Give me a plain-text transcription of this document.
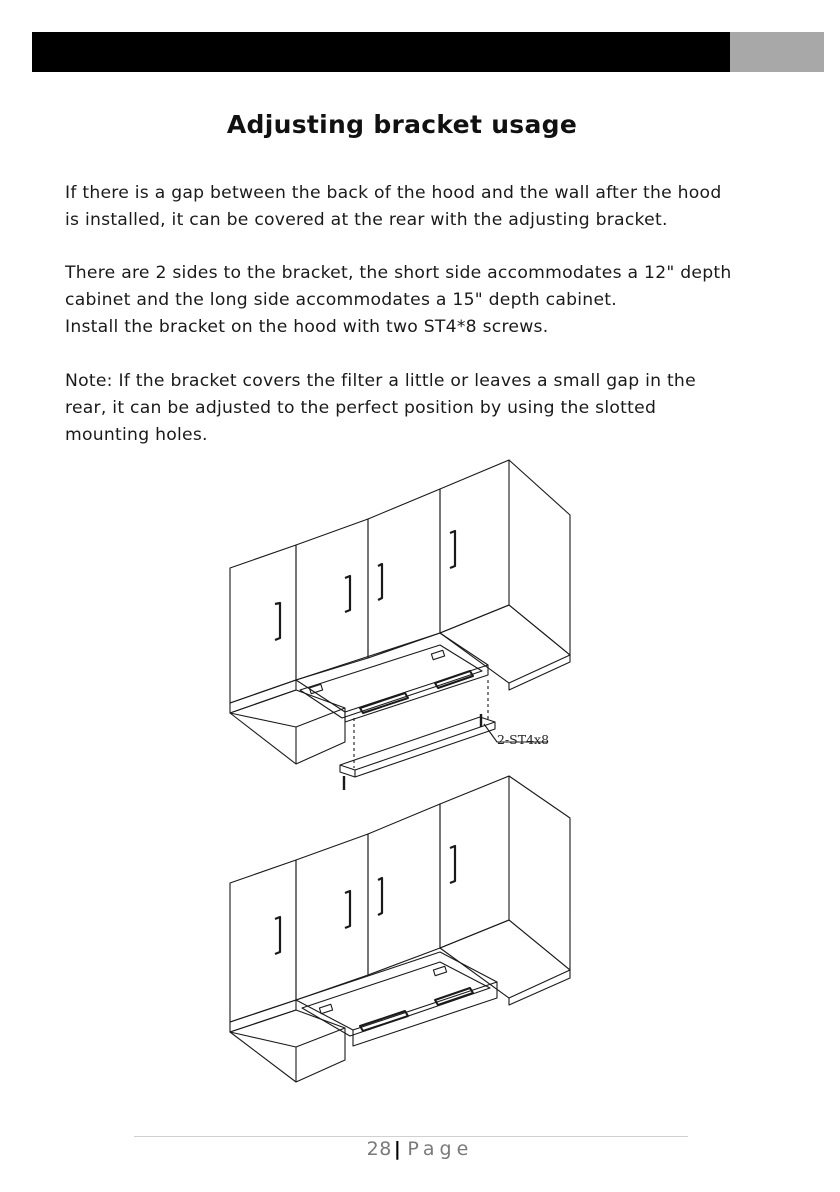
Adjusting bracket usage
If there is a gap between the back of the hood and the wall after the hood
is installed, it can be covered at the rear with the adjusting bracket.
There are 2 sides to the bracket, the short side accommodates a 12" depth
cabinet and the long side accommodates a 15" depth cabinet.
Install the bracket on the hood with two ST4*8 screws.
Note: If the bracket covers the filter a little or leaves a small gap in the
rear, it can be adjusted to the perfect position by using the slotted
mounting holes.
2-ST4x8
28 | Page
